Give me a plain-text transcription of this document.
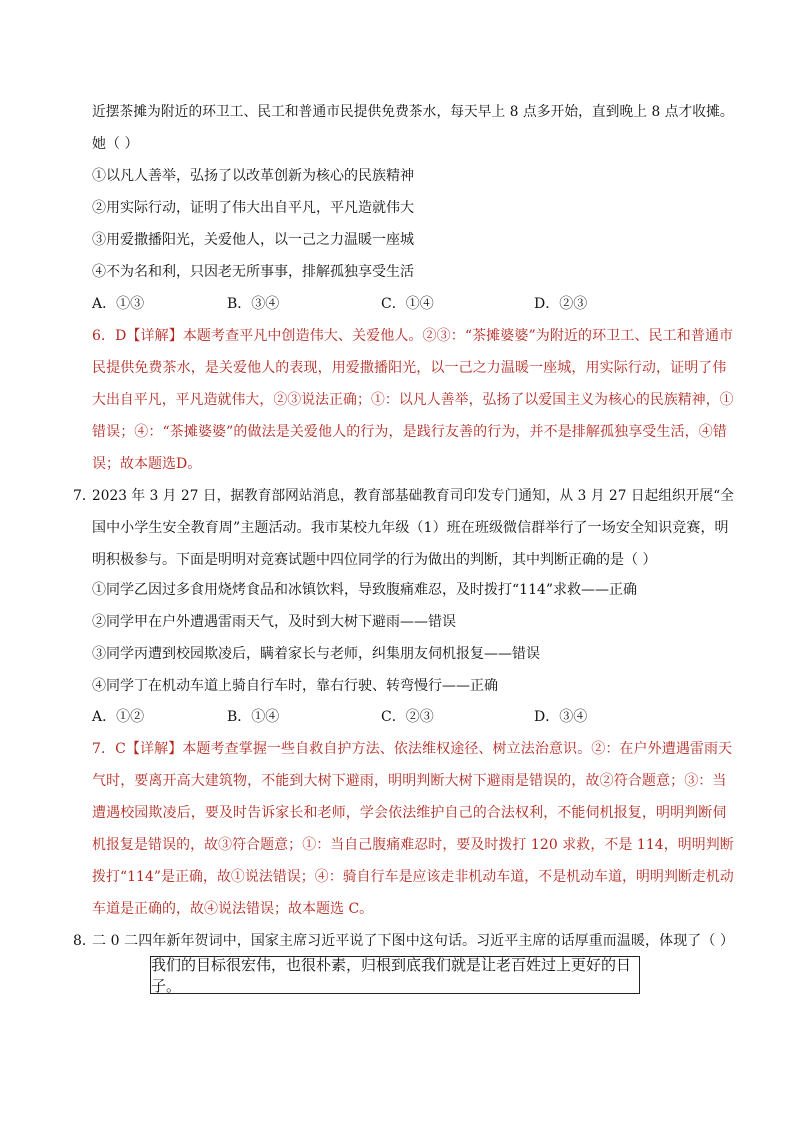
近摆茶摊为附近的环卫工、民工和普通市民提供免费茶水，每天早上 8 点多开始，直到晚上 8 点才收摊。
她（ ）
①以凡人善举，弘扬了以改革创新为核心的民族精神
②用实际行动，证明了伟大出自平凡，平凡造就伟大
③用爱撒播阳光，关爱他人，以一己之力温暖一座城
④不为名和利，只因老无所事事，排解孤独享受生活
A．①③	B．③④	C．①④	D．②③
6．D【详解】本题考查平凡中创造伟大、关爱他人。②③：“茶摊婆婆”为附近的环卫工、民工和普通市
民提供免费茶水，是关爱他人的表现，用爱撒播阳光，以一己之力温暖一座城，用实际行动，证明了伟
大出自平凡，平凡造就伟大，②③说法正确；①：以凡人善举，弘扬了以爱国主义为核心的民族精神，①
错误；④：“茶摊婆婆”的做法是关爱他人的行为，是践行友善的行为，并不是排解孤独享受生活，④错
误；故本题选D。
7．
2023 年 3 月 27 日，据教育部网站消息，教育部基础教育司印发专门通知，从 3 月 27 日起组织开展“全
国中小学生安全教育周”主题活动。我市某校九年级（1）班在班级微信群举行了一场安全知识竞赛，明
明积极参与。下面是明明对竞赛试题中四位同学的行为做出的判断，其中判断正确的是（ ）
①同学乙因过多食用烧烤食品和冰镇饮料，导致腹痛难忍，及时拨打“114”求救——正确
②同学甲在户外遭遇雷雨天气，及时到大树下避雨——错误
③同学丙遭到校园欺凌后，瞒着家长与老师，纠集朋友伺机报复——错误
④同学丁在机动车道上骑自行车时，靠右行驶、转弯慢行——正确
A．①②	B．①④	C．②③	D．③④
7．C【详解】本题考查掌握一些自救自护方法、依法维权途径、树立法治意识。②：在户外遭遇雷雨天
气时，要离开高大建筑物，不能到大树下避雨，明明判断大树下避雨是错误的，故②符合题意；③：当
遭遇校园欺凌后，要及时告诉家长和老师，学会依法维护自己的合法权利，不能伺机报复，明明判断伺
机报复是错误的，故③符合题意；①：当自己腹痛难忍时，要及时拨打 120 求救，不是 114，明明判断
拨打“114”是正确，故①说法错误；④：骑自行车是应该走非机动车道，不是机动车道，明明判断走机动
车道是正确的，故④说法错误；故本题选 C。
8．
二 0 二四年新年贺词中，国家主席习近平说了下图中这句话。习近平主席的话厚重而温暖，体现了（ ）
我们的目标很宏伟，也很朴素，归根到底我们就是让老百姓过上更好的日子。
